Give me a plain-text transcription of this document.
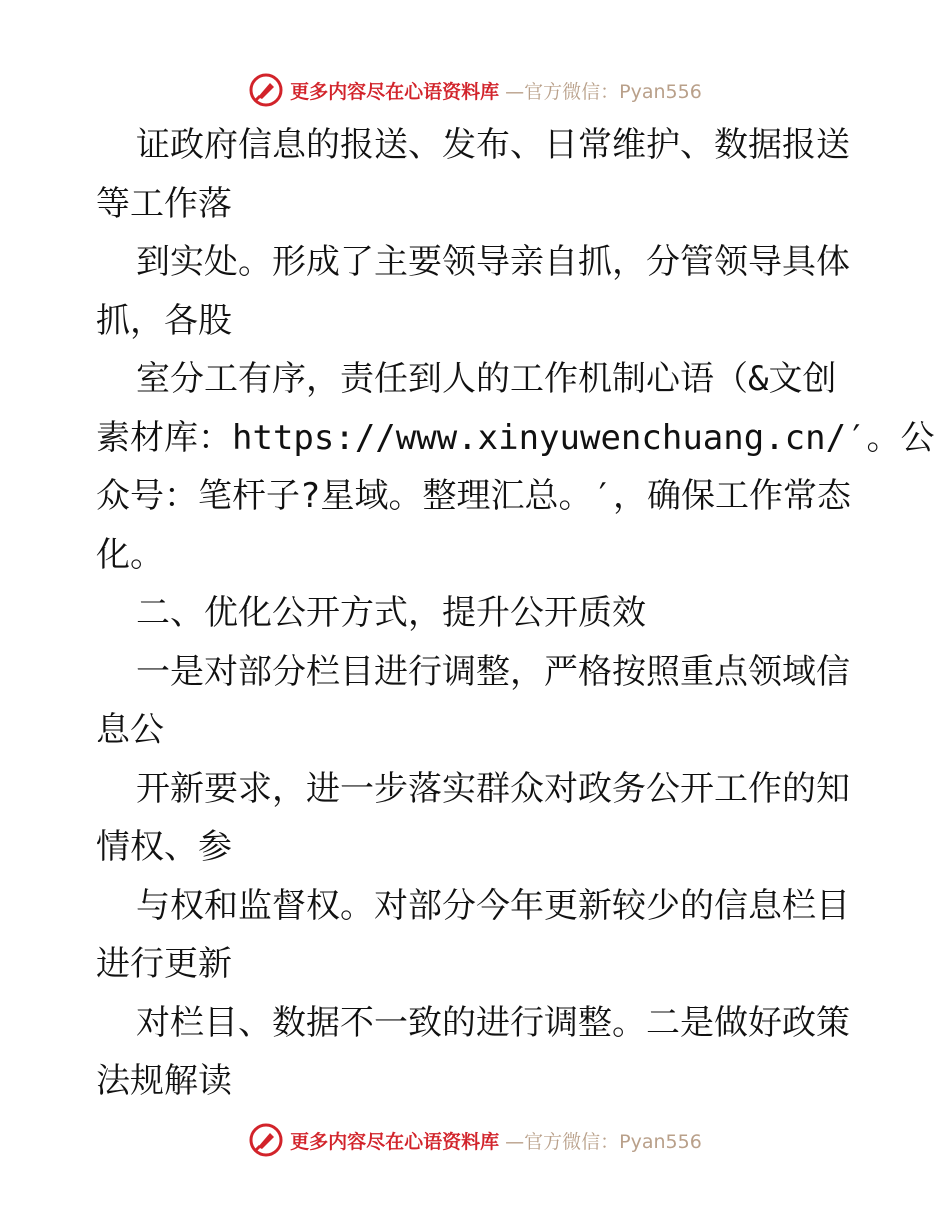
更多内容尽在心语资料库 —官方微信：Pyan556
证政府信息的报送、发布、日常维护、数据报送
等工作落
到实处。形成了主要领导亲自抓，分管领导具体
抓，各股
室分工有序，责任到人的工作机制心语（&文创
素材库：https://www.xinyuwenchuang.cn/′。公
众号：笔杆子?星域。整理汇总。′，确保工作常态
化。
二、优化公开方式，提升公开质效
一是对部分栏目进行调整，严格按照重点领域信
息公
开新要求，进一步落实群众对政务公开工作的知
情权、参
与权和监督权。对部分今年更新较少的信息栏目
进行更新
对栏目、数据不一致的进行调整。二是做好政策
法规解读
更多内容尽在心语资料库 —官方微信：Pyan556
